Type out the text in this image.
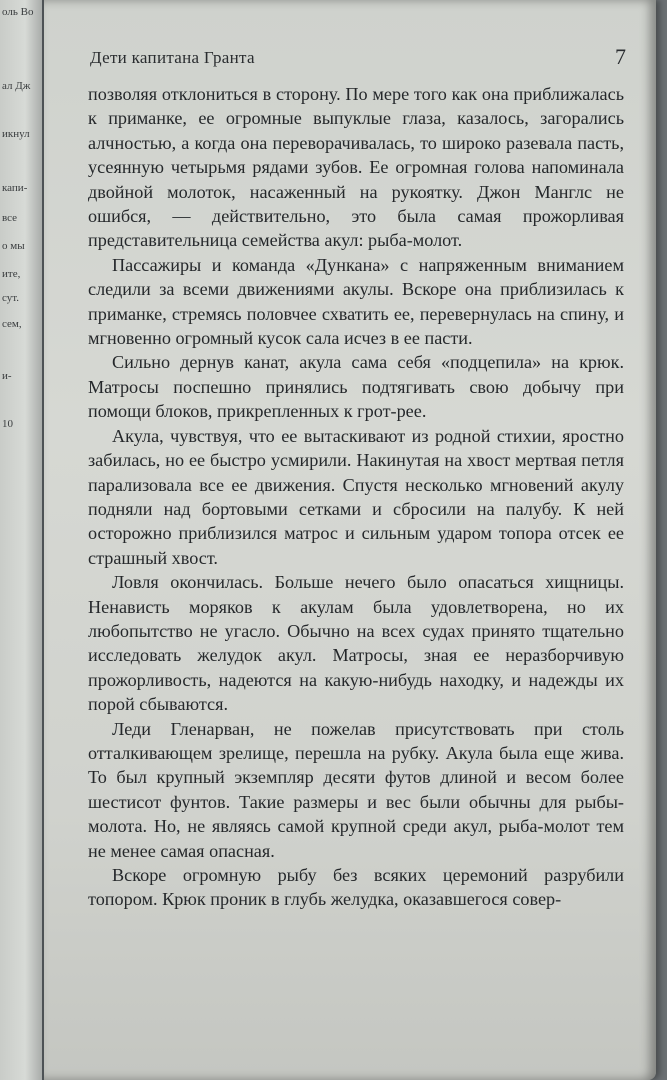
оль Во
ал Дж
икнул
капи-
все
о мы
ите,
сут.
сем,
и-
10
Дети капитана Гранта	7

позволяя отклониться в сторону. По мере того как она приближалась к приманке, ее огромные выпуклые глаза, казалось, загорались алчностью, а когда она переворачивалась, то широко разевала пасть, усеянную четырьмя рядами зубов. Ее огромная голова напоминала двойной молоток, насаженный на рукоятку. Джон Манглс не ошибся, — действительно, это была самая прожорливая представительница семейства акул: рыба-молот.

Пассажиры и команда «Дункана» с напряженным вниманием следили за всеми движениями акулы. Вскоре она приблизилась к приманке, стремясь половчее схватить ее, перевернулась на спину, и мгновенно огромный кусок сала исчез в ее пасти.

Сильно дернув канат, акула сама себя «подцепила» на крюк. Матросы поспешно принялись подтягивать свою добычу при помощи блоков, прикрепленных к грот-рее.

Акула, чувствуя, что ее вытаскивают из родной стихии, яростно забилась, но ее быстро усмирили. Накинутая на хвост мертвая петля парализовала все ее движения. Спустя несколько мгновений акулу подняли над бортовыми сетками и сбросили на палубу. К ней осторожно приблизился матрос и сильным ударом топора отсек ее страшный хвост.

Ловля окончилась. Больше нечего было опасаться хищницы. Ненависть моряков к акулам была удовлетворена, но их любопытство не угасло. Обычно на всех судах принято тщательно исследовать желудок акул. Матросы, зная ее неразборчивую прожорливость, надеются на какую-нибудь находку, и надежды их порой сбываются.

Леди Гленарван, не пожелав присутствовать при столь отталкивающем зрелище, перешла на рубку. Акула была еще жива. То был крупный экземпляр десяти футов длиной и весом более шестисот фунтов. Такие размеры и вес были обычны для рыбы-молота. Но, не являясь самой крупной среди акул, рыба-молот тем не менее самая опасная.

Вскоре огромную рыбу без всяких церемоний разрубили топором. Крюк проник в глубь желудка, оказавшегося совер-
